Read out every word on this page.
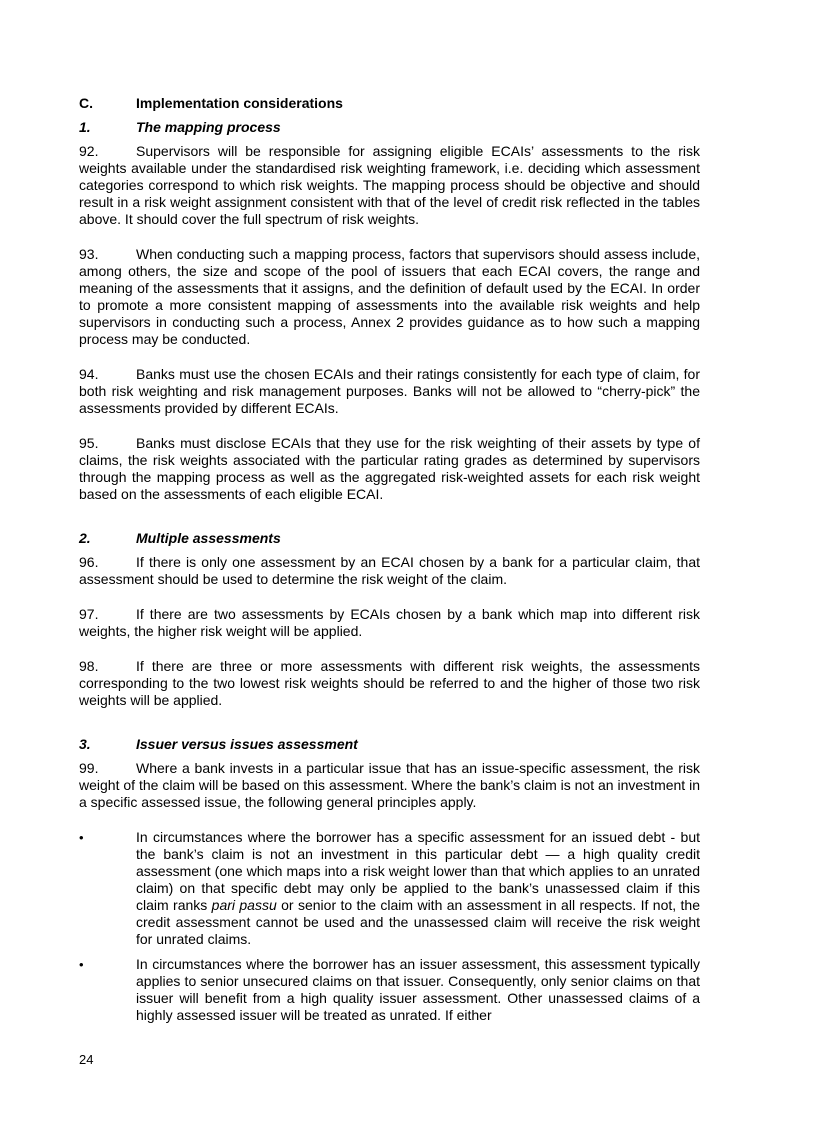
C.	Implementation considerations
1.	The mapping process

92.	Supervisors will be responsible for assigning eligible ECAIs’ assessments to the risk weights available under the standardised risk weighting framework, i.e. deciding which assessment categories correspond to which risk weights. The mapping process should be objective and should result in a risk weight assignment consistent with that of the level of credit risk reflected in the tables above. It should cover the full spectrum of risk weights.

93.	When conducting such a mapping process, factors that supervisors should assess include, among others, the size and scope of the pool of issuers that each ECAI covers, the range and meaning of the assessments that it assigns, and the definition of default used by the ECAI. In order to promote a more consistent mapping of assessments into the available risk weights and help supervisors in conducting such a process, Annex 2 provides guidance as to how such a mapping process may be conducted.

94.	Banks must use the chosen ECAIs and their ratings consistently for each type of claim, for both risk weighting and risk management purposes. Banks will not be allowed to “cherry-pick” the assessments provided by different ECAIs.

95.	Banks must disclose ECAIs that they use for the risk weighting of their assets by type of claims, the risk weights associated with the particular rating grades as determined by supervisors through the mapping process as well as the aggregated risk-weighted assets for each risk weight based on the assessments of each eligible ECAI.

2.	Multiple assessments

96.	If there is only one assessment by an ECAI chosen by a bank for a particular claim, that assessment should be used to determine the risk weight of the claim.

97.	If there are two assessments by ECAIs chosen by a bank which map into different risk weights, the higher risk weight will be applied.

98.	If there are three or more assessments with different risk weights, the assessments corresponding to the two lowest risk weights should be referred to and the higher of those two risk weights will be applied.

3.	Issuer versus issues assessment

99.	Where a bank invests in a particular issue that has an issue-specific assessment, the risk weight of the claim will be based on this assessment. Where the bank’s claim is not an investment in a specific assessed issue, the following general principles apply.

•	In circumstances where the borrower has a specific assessment for an issued debt - but the bank’s claim is not an investment in this particular debt — a high quality credit assessment (one which maps into a risk weight lower than that which applies to an unrated claim) on that specific debt may only be applied to the bank’s unassessed claim if this claim ranks pari passu or senior to the claim with an assessment in all respects. If not, the credit assessment cannot be used and the unassessed claim will receive the risk weight for unrated claims.
•	In circumstances where the borrower has an issuer assessment, this assessment typically applies to senior unsecured claims on that issuer. Consequently, only senior claims on that issuer will benefit from a high quality issuer assessment. Other unassessed claims of a highly assessed issuer will be treated as unrated. If either
24
